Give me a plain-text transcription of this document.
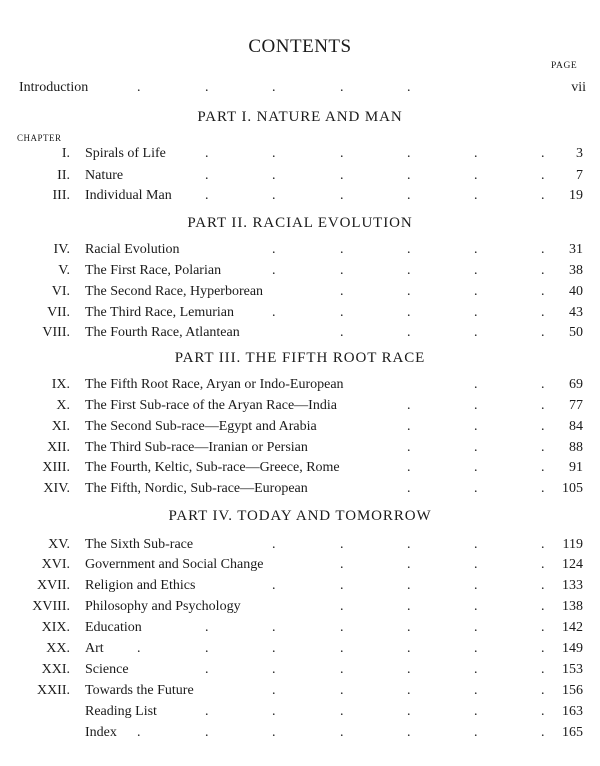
CONTENTS
PAGE
Introduction	vii
CHAPTER
PART I. NATURE AND MAN
.	.	.	.	.	.
I. Spirals of Life	3
.	.	.	.	.	.
II. Nature	7
.	.	.	.	.	.
III. Individual Man	19
PART II. RACIAL EVOLUTION
.	.	.	.	.
IV. Racial Evolution	31
.	.	.	.	.
V. The First Race, Polarian	38
.	.	.	.
VI. The Second Race, Hyperborean	40
.	.	.	.	.
VII. The Third Race, Lemurian	43
.	.	.	.
VIII. The Fourth Race, Atlantean	50
PART III. THE FIFTH ROOT RACE
.	.
IX. The Fifth Root Race, Aryan or Indo-European	69
.	.	.
X. The First Sub-race of the Aryan Race—India	77
.	.	.
XI. The Second Sub-race—Egypt and Arabia	84
.	.	.
XII. The Third Sub-race—Iranian or Persian	88
.	.	.
XIII. The Fourth, Keltic, Sub-race—Greece, Rome	91
.	.	.
XIV. The Fifth, Nordic, Sub-race—European	105
PART IV. TODAY AND TOMORROW
.	.	.	.	.
XV. The Sixth Sub-race	119
.	.	.	.
XVI. Government and Social Change	124
.	.	.	.	.
XVII. Religion and Ethics	133
.	.	.	.
XVIII. Philosophy and Psychology	138
.	.	.	.	.	.
XIX. Education	142
.	.	.	.	.	.	.
XX. Art	149
.	.	.	.	.	.
XXI. Science	153
.	.	.	.	.
XXII. Towards the Future	156
.	.	.	.	.	.
Reading List	163
.	.	.	.	.	.	.
Index	165
.	.	.	.	.
